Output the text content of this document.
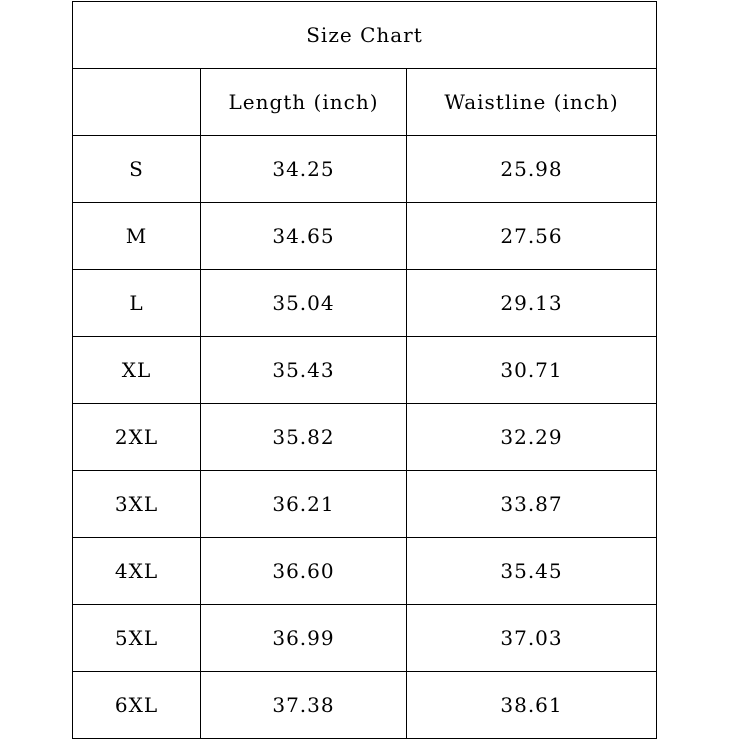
Size Chart		
	Length (inch)	Waistline (inch)
S	34.25	25.98
M	34.65	27.56
L	35.04	29.13
XL	35.43	30.71
2XL	35.82	32.29
3XL	36.21	33.87
4XL	36.60	35.45
5XL	36.99	37.03
6XL	37.38	38.61
